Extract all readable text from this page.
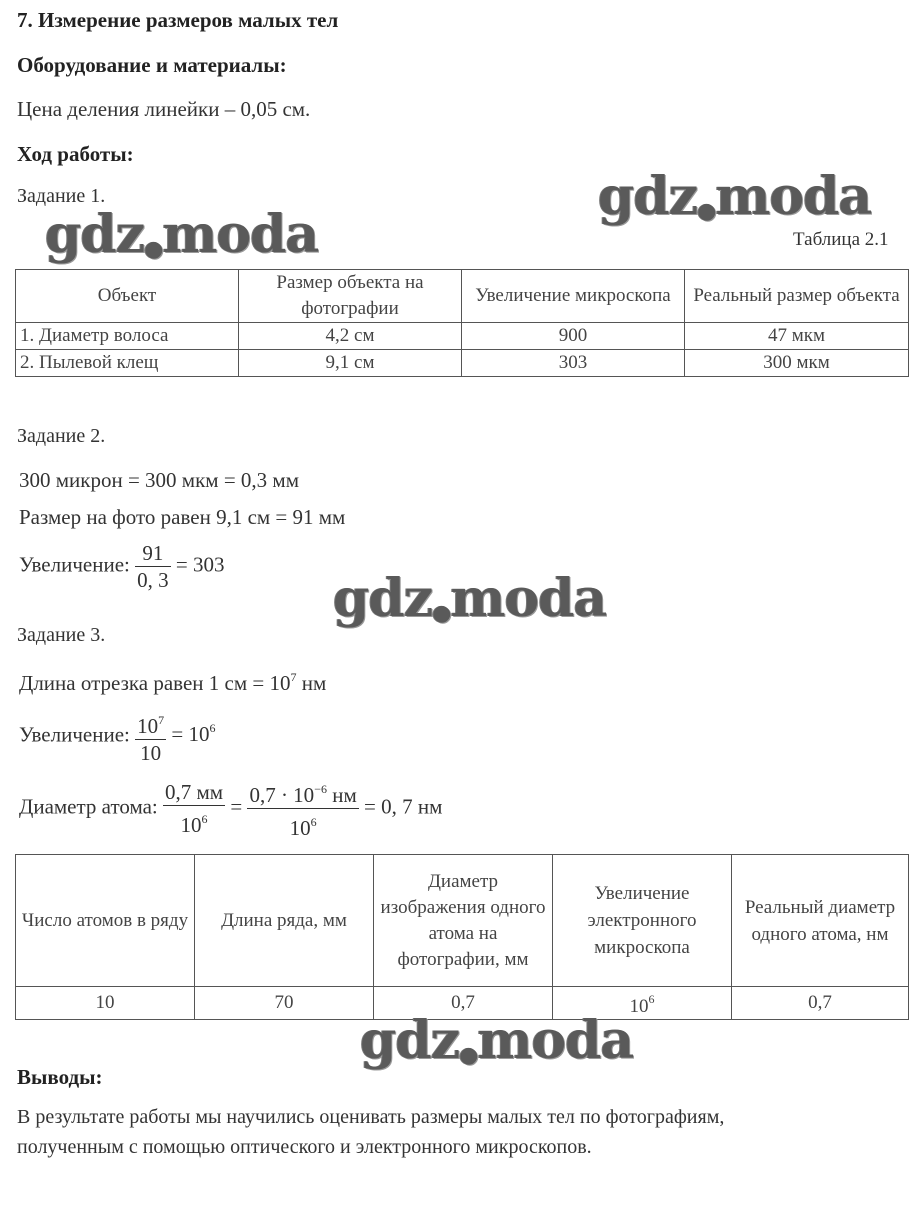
7. Измерение размеров малых тел
Оборудование и материалы:
Цена деления линейки – 0,05 см.
Ход работы:
Задание 1.
Таблица 2.1
Объект	Размер объекта на фотографии	Увеличение микроскопа	Реальный размер объекта
1. Диаметр волоса	4,2 см	900	47 мкм
2. Пылевой клещ	9,1 см	303	300 мкм
Задание 2.
300 микрон = 300 мкм = 0,3 мм
Размер на фото равен 9,1 см = 91 мм
Увеличение: $\frac{91}{0, 3} = 303$
Задание 3.
Длина отрезка равен 1 см = $10^7$ нм
Увеличение: $\frac{10^7}{10} = 10^6$
Диаметр атома: $\frac{0,7 мм}{10^6} = \frac{0,7 \cdot 10^{-6} нм}{10^6} = 0$, 7 нм
Число атомов в ряду	Длина ряда, мм	Диаметр изображения одного атома на фотографии, мм	Увеличение электронного микроскопа	Реальный диаметр одного атома, нм
10	70	0,7	$10^6$	0,7
Выводы:
В результате работы мы научились оценивать размеры малых тел по фотографиям,
полученным с помощью оптического и электронного микроскопов.
gdz●moda
gdz●moda
gdz●moda
gdz●moda
